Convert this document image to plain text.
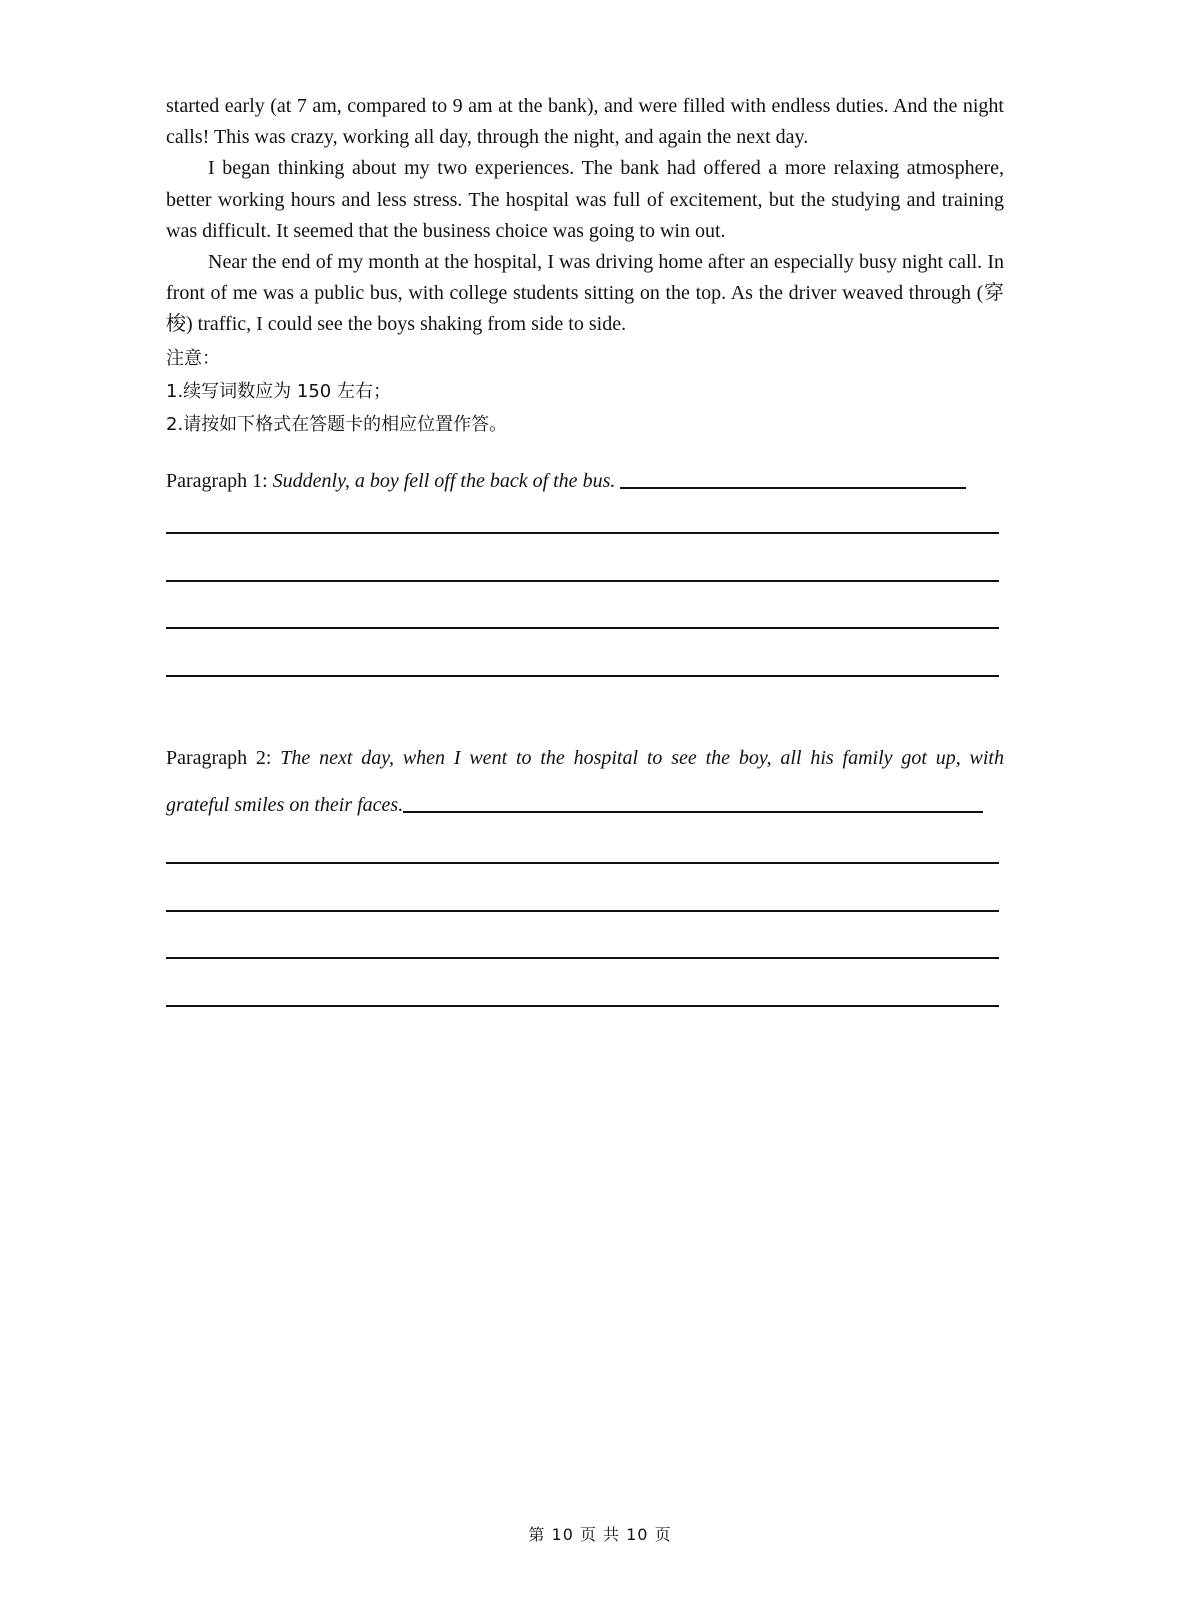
started early (at 7 am, compared to 9 am at the bank), and were filled with endless duties. And the night calls! This was crazy, working all day, through the night, and again the next day.

I began thinking about my two experiences. The bank had offered a more relaxing atmosphere, better working hours and less stress. The hospital was full of excitement, but the studying and training was difficult. It seemed that the business choice was going to win out.

Near the end of my month at the hospital, I was driving home after an especially busy night call. In front of me was a public bus, with college students sitting on the top. As the driver weaved through (穿梭) traffic, I could see the boys shaking from side to side.

注意：
1.续写词数应为 150 左右；
2.请按如下格式在答题卡的相应位置作答。
Paragraph 1: Suddenly, a boy fell off the back of the bus.
Paragraph 2: The next day, when I went to the hospital to see the boy, all his family got up, with
grateful smiles on their faces.
第 10 页 共 10 页
